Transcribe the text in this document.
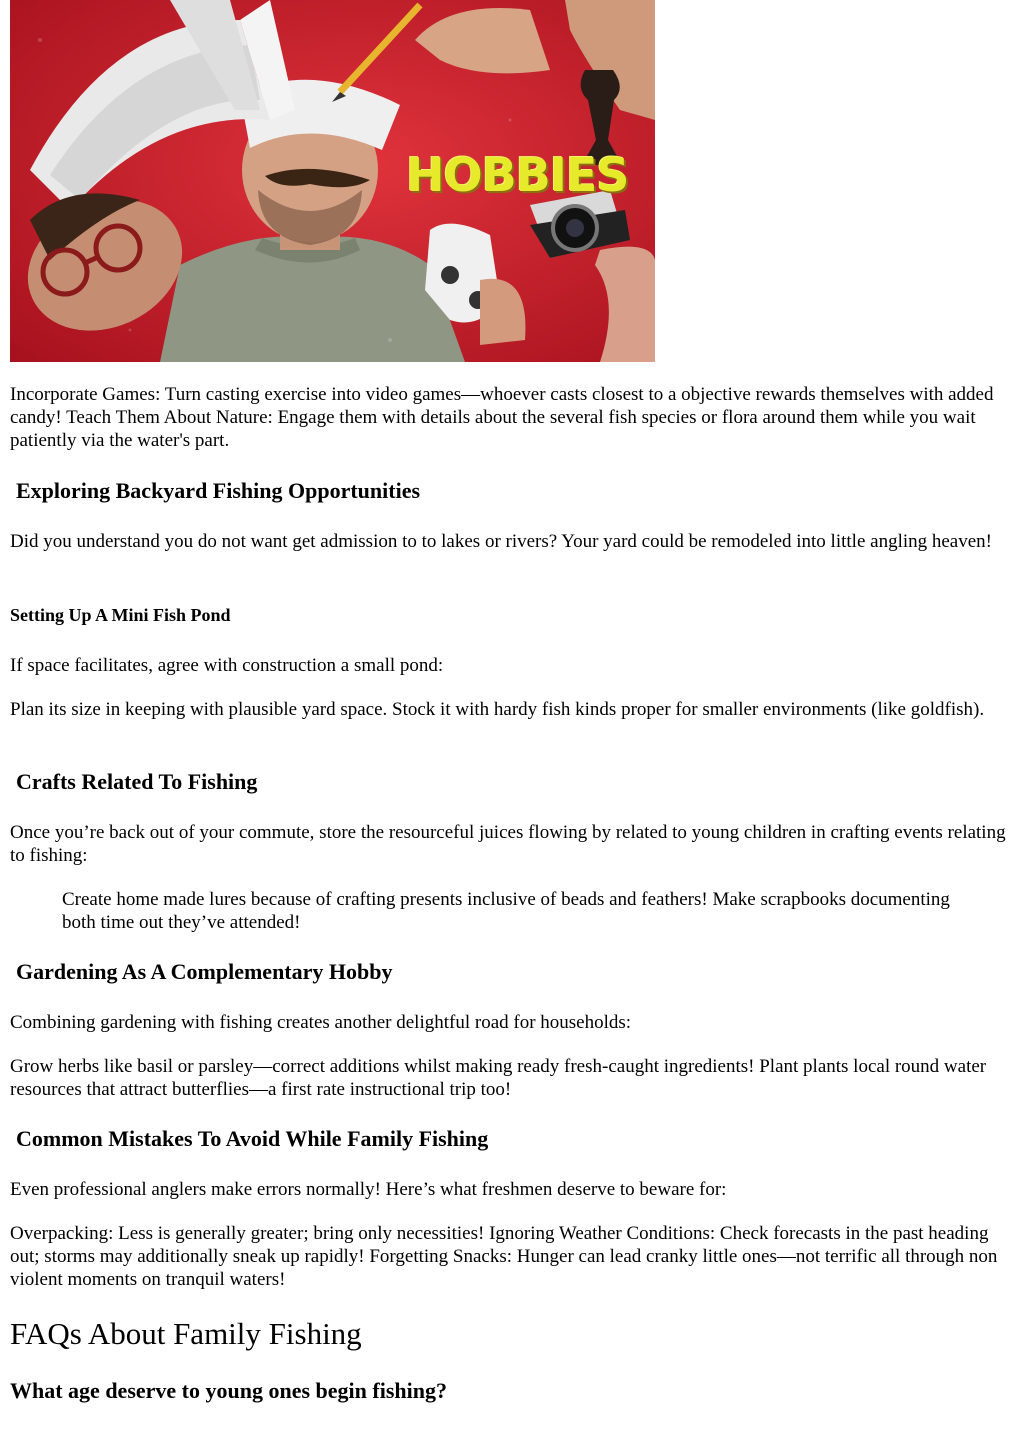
HOBBIES

Incorporate Games: Turn casting exercise into video games—whoever casts closest to a objective rewards themselves with added candy! Teach Them About Nature: Engage them with details about the several fish species or flora around them while you wait patiently via the water's part.

Exploring Backyard Fishing Opportunities

Did you understand you do not want get admission to to lakes or rivers? Your yard could be remodeled into little angling heaven!

Setting Up A Mini Fish Pond

If space facilitates, agree with construction a small pond:

Plan its size in keeping with plausible yard space. Stock it with hardy fish kinds proper for smaller environments (like goldfish).

Crafts Related To Fishing

Once you’re back out of your commute, store the resourceful juices flowing by related to young children in crafting events relating to fishing:

Create home made lures because of crafting presents inclusive of beads and feathers! Make scrapbooks documenting both time out they’ve attended!

Gardening As A Complementary Hobby

Combining gardening with fishing creates another delightful road for households:

Grow herbs like basil or parsley—correct additions whilst making ready fresh-caught ingredients! Plant plants local round water resources that attract butterflies—a first rate instructional trip too!

Common Mistakes To Avoid While Family Fishing

Even professional anglers make errors normally! Here’s what freshmen deserve to beware for:

Overpacking: Less is generally greater; bring only necessities! Ignoring Weather Conditions: Check forecasts in the past heading out; storms may additionally sneak up rapidly! Forgetting Snacks: Hunger can lead cranky little ones—not terrific all through non violent moments on tranquil waters!

FAQs About Family Fishing
What age deserve to young ones begin fishing?
